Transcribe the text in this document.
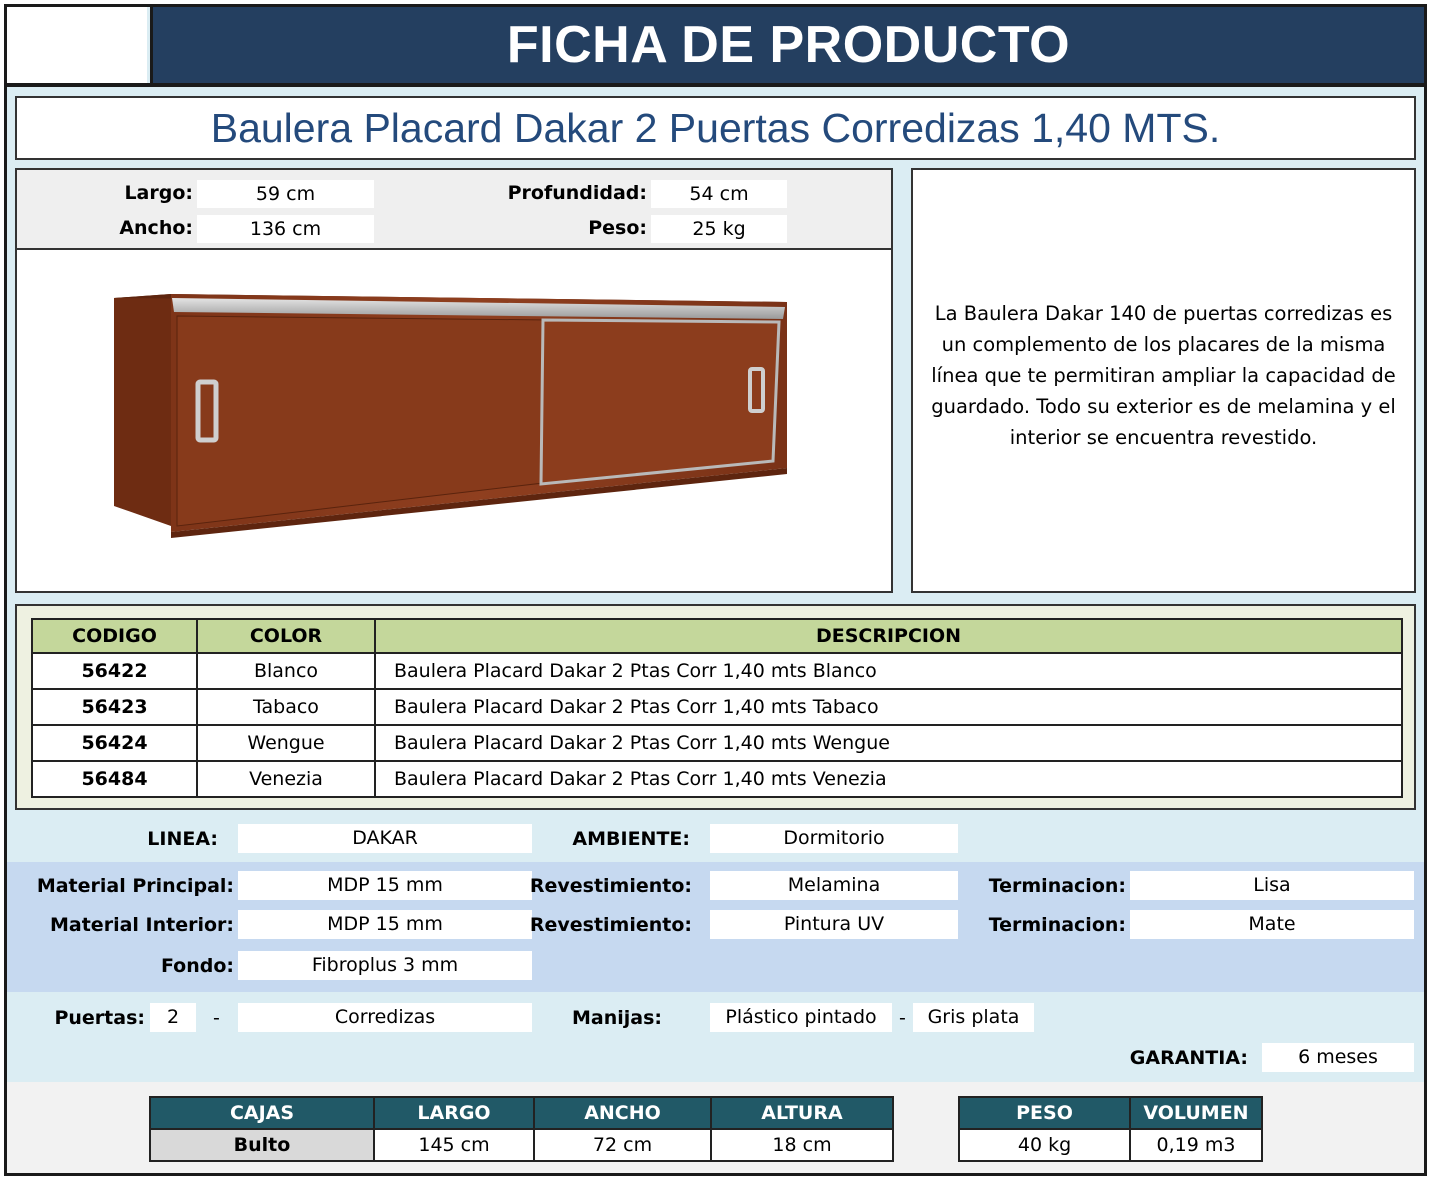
FICHA DE PRODUCTO
Baulera Placard Dakar 2 Puertas Corredizas 1,40 MTS.
Largo:	59 cm
Ancho:	136 cm
Profundidad:	54 cm
Peso:	25 kg

La Baulera Dakar 140 de puertas corredizas es un complemento de los placares de la misma línea que te permitiran ampliar la capacidad de guardado. Todo su exterior es de melamina y el interior se encuentra revestido.

CODIGO	COLOR	DESCRIPCION
56422	Blanco	Baulera Placard Dakar 2 Ptas Corr 1,40 mts Blanco
56423	Tabaco	Baulera Placard Dakar 2 Ptas Corr 1,40 mts Tabaco
56424	Wengue	Baulera Placard Dakar 2 Ptas Corr 1,40 mts Wengue
56484	Venezia	Baulera Placard Dakar 2 Ptas Corr 1,40 mts Venezia
LINEA:	DAKAR	AMBIENTE:	Dormitorio
Material Principal:	MDP 15 mm	Revestimiento:	Melamina	Terminacion:	Lisa
Material Interior:	MDP 15 mm	Revestimiento:	Pintura UV	Terminacion:	Mate
Fondo:	Fibroplus 3 mm
Puertas:	2	-	Corredizas	Manijas:	Plástico pintado	-	Gris plata
GARANTIA:	6 meses
CAJAS	LARGO	ANCHO	ALTURA
Bulto	145 cm	72 cm	18 cm
PESO	VOLUMEN
40 kg	0,19 m3
